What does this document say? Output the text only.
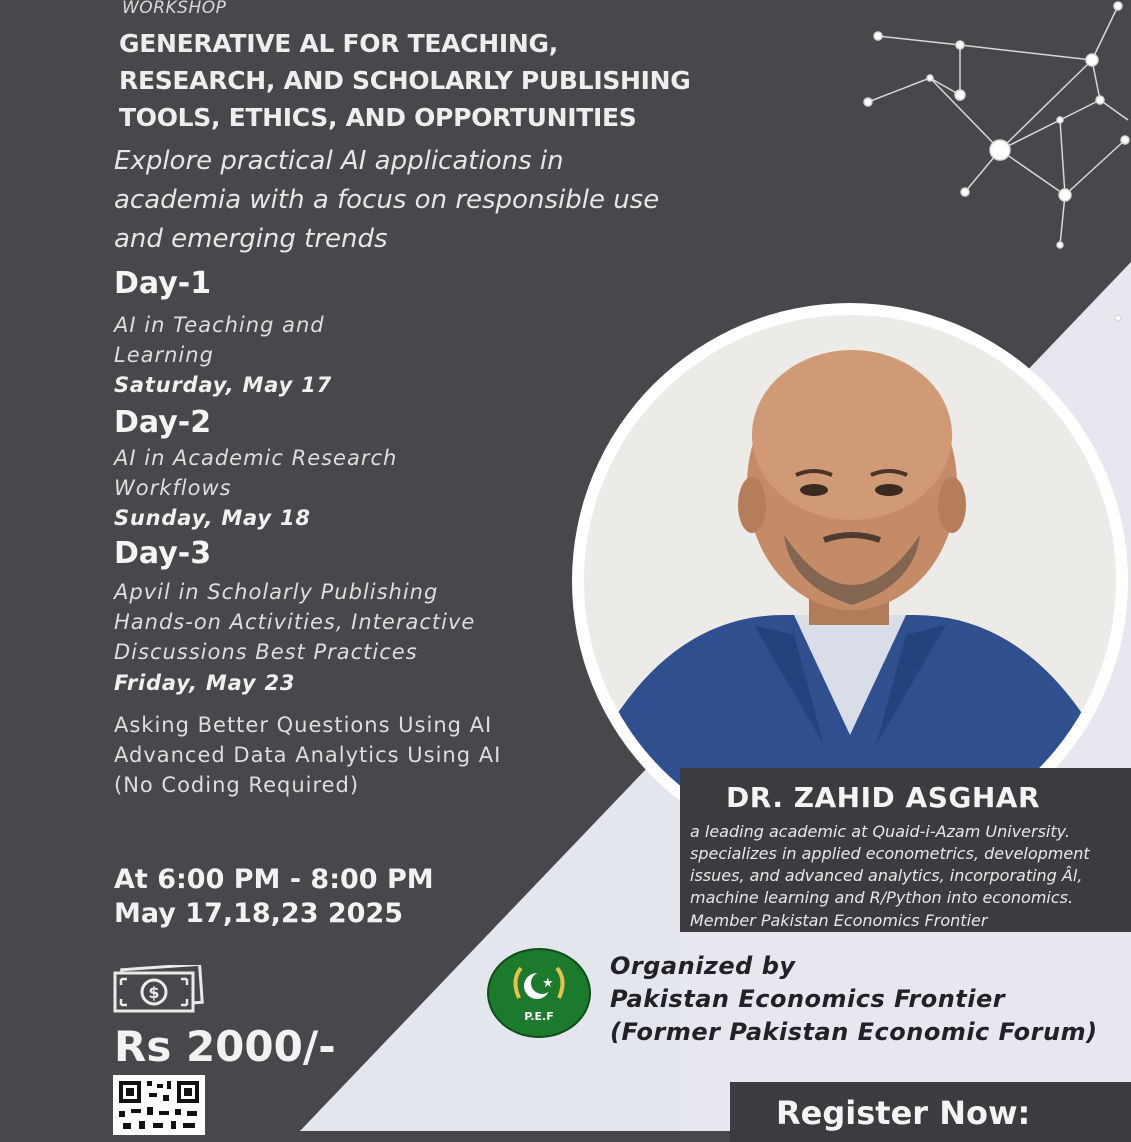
WORKSHOP
GENERATIVE AL FOR TEACHING,
RESEARCH, AND SCHOLARLY PUBLISHING
TOOLS, ETHICS, AND OPPORTUNITIES
Explore practical AI applications in
academia with a focus on responsible use
and emerging trends
Day-1
AI in Teaching and
Learning
Saturday, May 17
Day-2
AI in Academic Research
Workflows
Sunday, May 18
Day-3
Apvil in Scholarly Publishing
Hands-on Activities, Interactive
Discussions Best Practices
Friday, May 23
Asking Better Questions Using AI
Advanced Data Analytics Using AI
(No Coding Required)
At 6:00 PM - 8:00 PM
May 17,18,23 2025
$
Rs 2000/-
DR. ZAHID ASGHAR
a leading academic at Quaid-i-Azam University.
specializes in applied econometrics, development
issues, and advanced analytics, incorporating Âl,
machine learning and R/Python into economics.
Member Pakistan Economics Frontier
P.E.F
Organized by
Pakistan Economics Frontier
(Former Pakistan Economic Forum)
Register Now:
